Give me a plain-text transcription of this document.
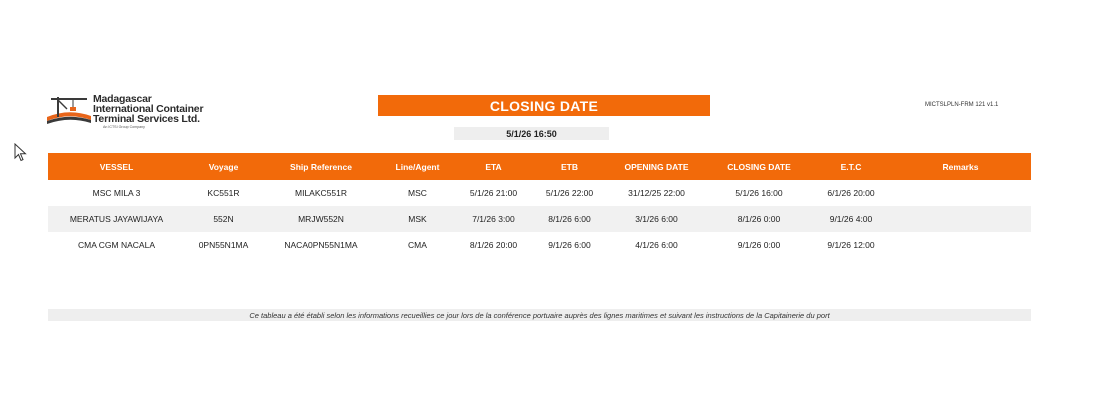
Madagascar
International Container
Terminal Services Ltd.
An ICTSI Group Company
CLOSING DATE
5/1/26 16:50
MICTSLPLN-FRM 121 v1.1
VESSEL	Voyage	Ship Reference	Line/Agent	ETA	ETB	OPENING DATE	CLOSING DATE	E.T.C	Remarks
MSC MILA 3	KC551R	MILAKC551R	MSC	5/1/26 21:00	5/1/26 22:00	31/12/25 22:00	5/1/26 16:00	6/1/26 20:00	
MERATUS JAYAWIJAYA	552N	MRJW552N	MSK	7/1/26 3:00	8/1/26 6:00	3/1/26 6:00	8/1/26 0:00	9/1/26 4:00	
CMA CGM NACALA	0PN55N1MA	NACA0PN55N1MA	CMA	8/1/26 20:00	9/1/26 6:00	4/1/26 6:00	9/1/26 0:00	9/1/26 12:00	
Ce tableau a été établi selon les informations recueillies ce jour lors de la conférence portuaire auprès des lignes maritimes et suivant les instructions de la Capitainerie du port
